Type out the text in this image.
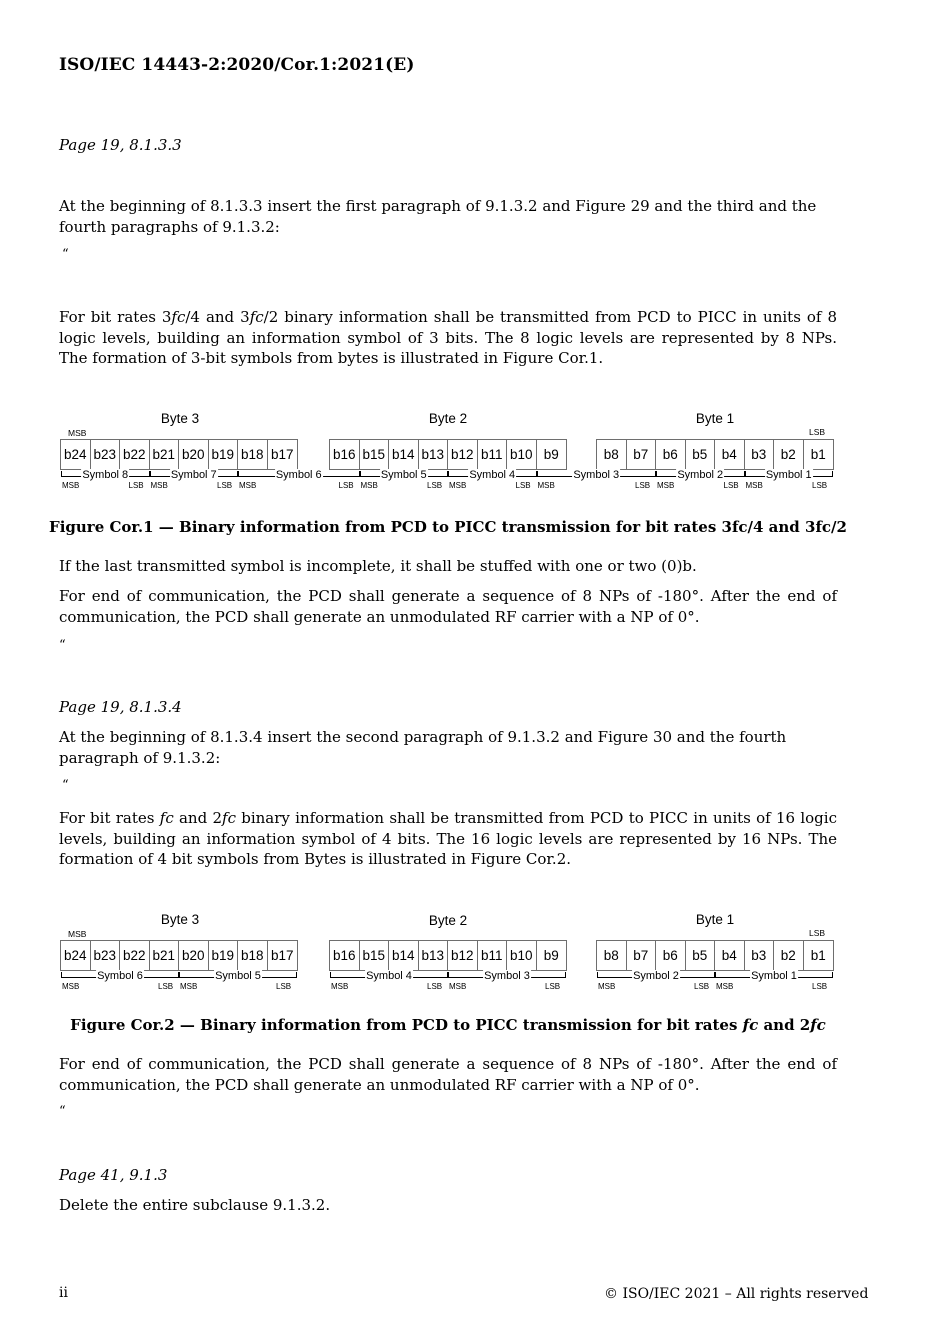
ISO/IEC 14443-2:2020/Cor.1:2021(E)
Page 19, 8.1.3.3
At the beginning of 8.1.3.3 insert the first paragraph of 9.1.3.2 and Figure 29 and the third and the fourth paragraphs of 9.1.3.2:
“
For bit rates 3fc/4 and 3fc/2 binary information shall be transmitted from PCD to PICC in units of 8 logic levels, building an information symbol of 3 bits. The 8 logic levels are represented by 8 NPs. The formation of 3-bit symbols from bytes is illustrated in Figure Cor.1.
Byte 3	Byte 2	Byte 1
MSB	LSB
b24 b23 b22 b21 b20 b19 b18 b17	b16 b15 b14 b13 b12 b11 b10 b9	b8	b7	b6	b5	b4	b3	b2	b1
Symbol 8
MSB	LSB
Symbol 7
MSB	LSB
Symbol 6
MSB	LSB
Symbol 5
MSB	LSB
Symbol 4
MSB	LSB
Symbol 3
MSB	LSB
Symbol 2
MSB	LSB
Symbol 1
MSB	LSB
Figure Cor.1 — Binary information from PCD to PICC transmission for bit rates 3fc/4 and 3fc/2
If the last transmitted symbol is incomplete, it shall be stuffed with one or two (0)b.
For end of communication, the PCD shall generate a sequence of 8 NPs of -180°. After the end of communication, the PCD shall generate an unmodulated RF carrier with a NP of 0°.
“
Page 19, 8.1.3.4
At the beginning of 8.1.3.4 insert the second paragraph of 9.1.3.2 and Figure 30 and the fourth paragraph of 9.1.3.2:
“
For bit rates fc and 2fc binary information shall be transmitted from PCD to PICC in units of 16 logic levels, building an information symbol of 4 bits. The 16 logic levels are represented by 16 NPs. The formation of 4 bit symbols from Bytes is illustrated in Figure Cor.2.
Byte 3	Byte 2	Byte 1
MSB	LSB
b24 b23 b22 b21 b20 b19 b18 b17	b16 b15 b14 b13 b12 b11 b10 b9	b8	b7	b6	b5	b4	b3	b2	b1
Symbol 6
MSB	LSB
Symbol 5
MSB	LSB
Symbol 4
MSB	LSB
Symbol 3
MSB	LSB
Symbol 2
MSB	LSB
Symbol 1
MSB	LSB
Figure Cor.2 — Binary information from PCD to PICC transmission for bit rates fc and 2fc
For end of communication, the PCD shall generate a sequence of 8 NPs of -180°. After the end of communication, the PCD shall generate an unmodulated RF carrier with a NP of 0°.
“
Page 41, 9.1.3
Delete the entire subclause 9.1.3.2.
ii	© ISO/IEC 2021 – All rights reserved
